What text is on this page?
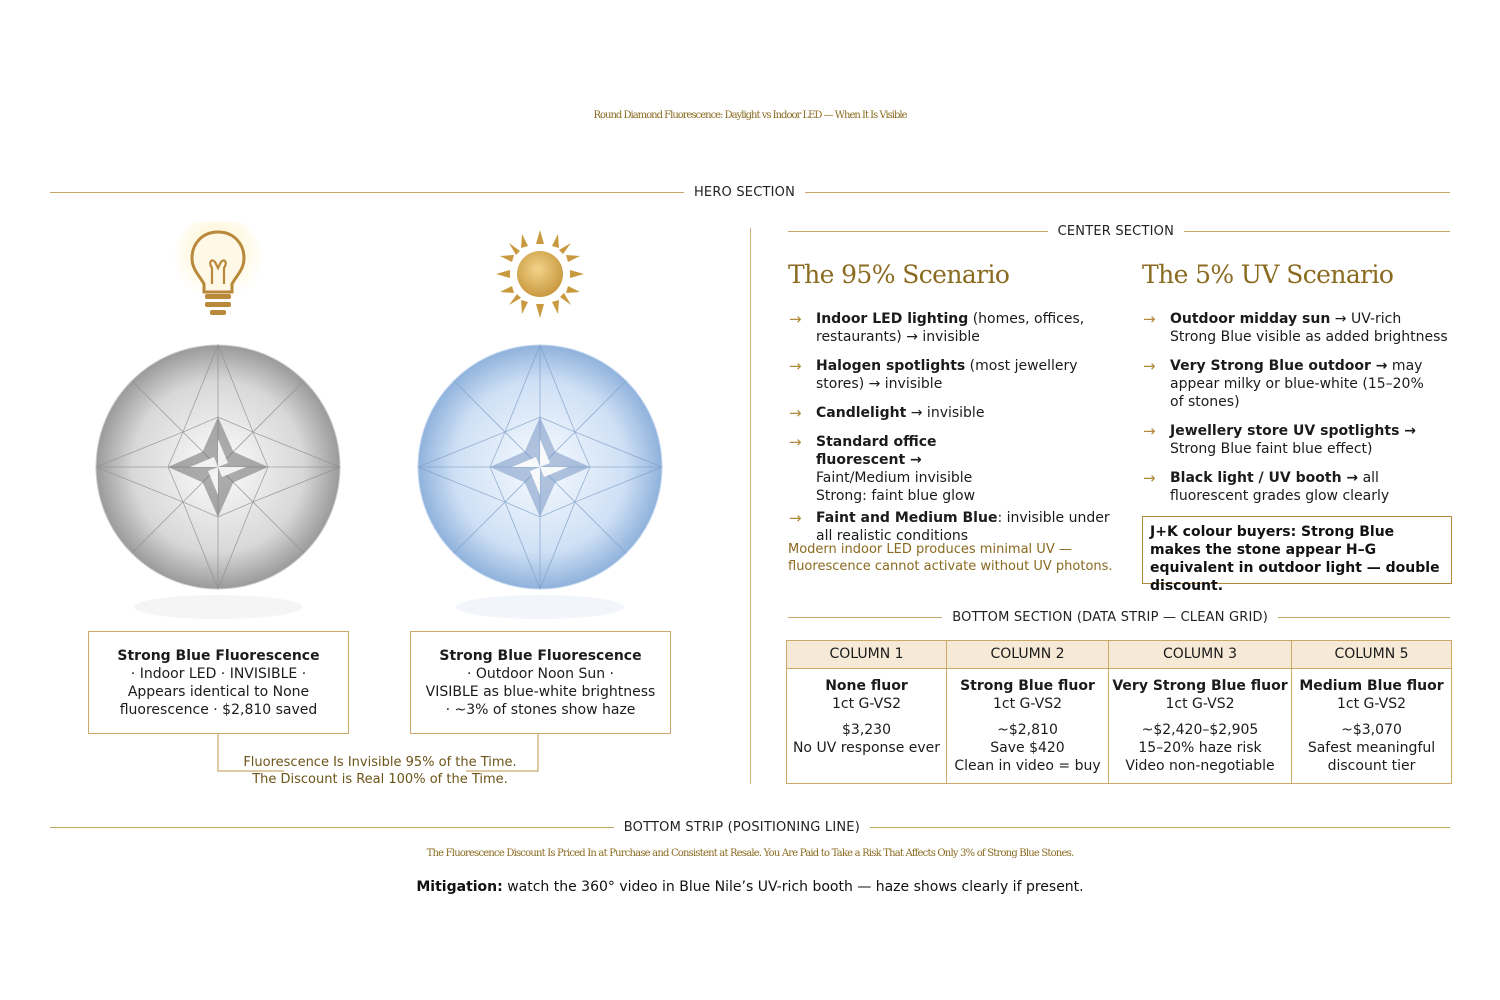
Round Diamond Fluorescence: Daylight vs Indoor LED — When It Is Visible
HERO SECTION
Strong Blue Fluorescence
· Indoor LED · INVISIBLE ·
Appears identical to None
fluorescence · $2,810 saved
Strong Blue Fluorescence
· Outdoor Noon Sun ·
VISIBLE as blue-white brightness
· ~3% of stones show haze
Fluorescence Is Invisible 95% of the Time.
The Discount is Real 100% of the Time.
CENTER SECTION
The 95% Scenario
→ Indoor LED lighting (homes, offices, restaurants) → invisible
→ Halogen spotlights (most jewellery stores) → invisible
→ Candlelight → invisible
→ Standard office fluorescent → Faint/Medium invisible Strong: faint blue glow
→ Faint and Medium Blue: invisible under all realistic conditions
Modern indoor LED produces minimal UV — fluorescence cannot activate without UV photons.
The 5% UV Scenario
→ Outdoor midday sun → UV-rich Strong Blue visible as added brightness
→ Very Strong Blue outdoor → may appear milky or blue-white (15–20% of stones)
→ Jewellery store UV spotlights → Strong Blue faint blue effect)
→ Black light / UV booth → all fluorescent grades glow clearly
J+K colour buyers: Strong Blue makes the stone appear H–G equivalent in outdoor light — double discount.
BOTTOM SECTION (DATA STRIP — CLEAN GRID)
COLUMN 1
None fluor
1ct G-VS2
$3,230
No UV response ever
COLUMN 2
Strong Blue fluor
1ct G-VS2
~$2,810
Save $420
Clean in video = buy
COLUMN 3
Very Strong Blue fluor
1ct G-VS2
~$2,420–$2,905
15–20% haze risk
Video non-negotiable
COLUMN 5
Medium Blue fluor
1ct G-VS2
~$3,070
Safest meaningful
discount tier
BOTTOM STRIP (POSITIONING LINE)
The Fluorescence Discount Is Priced In at Purchase and Consistent at Resale. You Are Paid to Take a Risk That Affects Only 3% of Strong Blue Stones.
Mitigation: watch the 360° video in Blue Nile’s UV-rich booth — haze shows clearly if present.
